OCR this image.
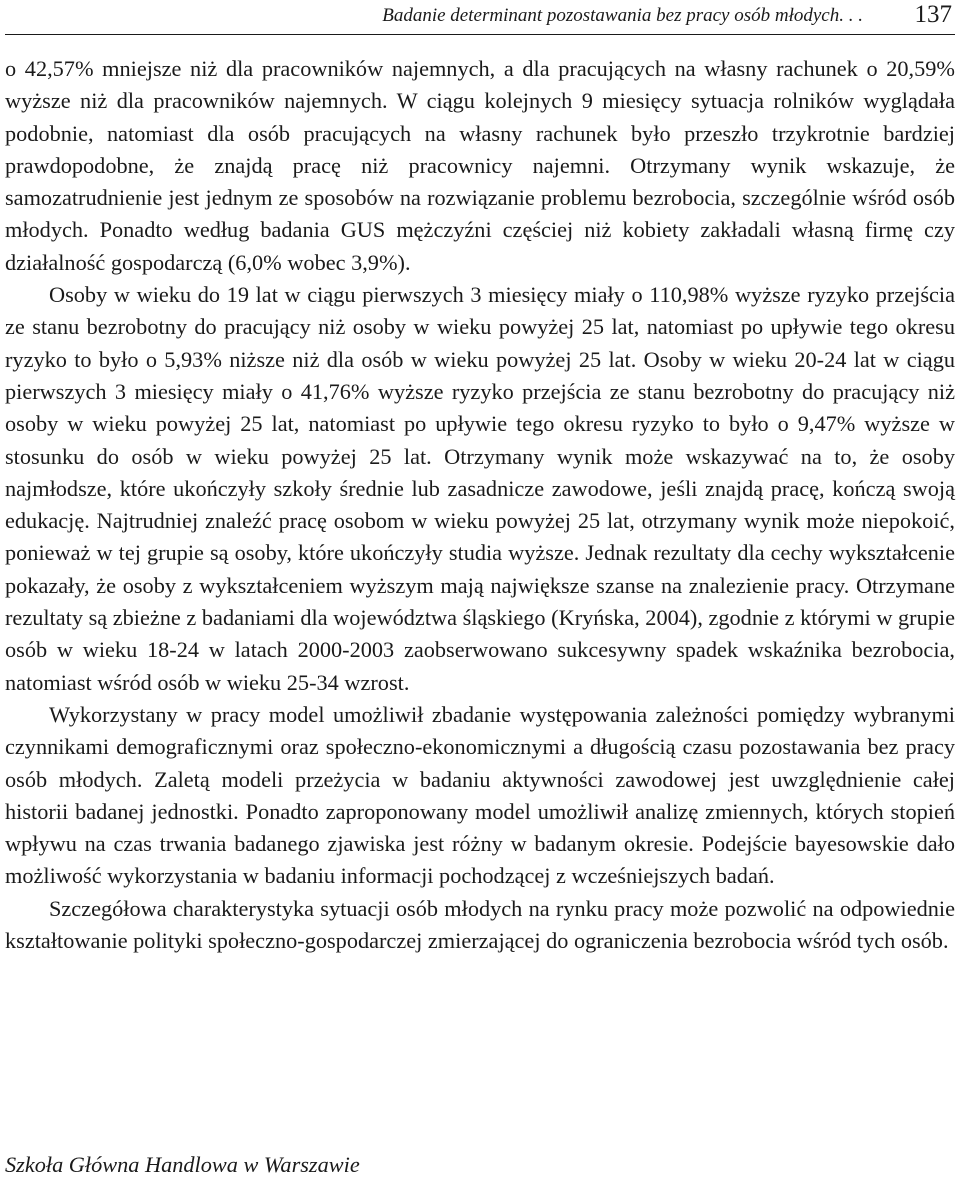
Badanie determinant pozostawania bez pracy osób młodych. . . 137

o 42,57% mniejsze niż dla pracowników najemnych, a dla pracujących na własny rachunek o 20,59% wyższe niż dla pracowników najemnych. W ciągu kolejnych 9 miesięcy sytuacja rolników wyglądała podobnie, natomiast dla osób pracujących na własny rachunek było przeszło trzykrotnie bardziej prawdopodobne, że znajdą pracę niż pracownicy najemni. Otrzymany wynik wskazuje, że samozatrudnienie jest jednym ze sposobów na rozwiązanie problemu bezrobocia, szczególnie wśród osób młodych. Ponadto według badania GUS mężczyźni częściej niż kobiety zakładali własną firmę czy działalność gospodarczą (6,0% wobec 3,9%).

Osoby w wieku do 19 lat w ciągu pierwszych 3 miesięcy miały o 110,98% wyższe ryzyko przejścia ze stanu bezrobotny do pracujący niż osoby w wieku powyżej 25 lat, natomiast po upływie tego okresu ryzyko to było o 5,93% niższe niż dla osób w wieku powyżej 25 lat. Osoby w wieku 20-24 lat w ciągu pierwszych 3 miesięcy miały o 41,76% wyższe ryzyko przejścia ze stanu bezrobotny do pracujący niż osoby w wieku powyżej 25 lat, natomiast po upływie tego okresu ryzyko to było o 9,47% wyższe w stosunku do osób w wieku powyżej 25 lat. Otrzymany wynik może wskazywać na to, że osoby najmłodsze, które ukończyły szkoły średnie lub zasadnicze zawodowe, jeśli znajdą pracę, kończą swoją edukację. Najtrudniej znaleźć pracę osobom w wieku powyżej 25 lat, otrzymany wynik może niepokoić, ponieważ w tej grupie są osoby, które ukończyły studia wyższe. Jednak rezultaty dla cechy wykształcenie pokazały, że osoby z wykształceniem wyższym mają największe szanse na znalezienie pracy. Otrzymane rezultaty są zbieżne z badaniami dla województwa śląskiego (Kryńska, 2004), zgodnie z którymi w grupie osób w wieku 18-24 w latach 2000-2003 zaobserwowano sukcesywny spadek wskaźnika bezrobocia, natomiast wśród osób w wieku 25-34 wzrost.

Wykorzystany w pracy model umożliwił zbadanie występowania zależności pomiędzy wybranymi czynnikami demograficznymi oraz społeczno-ekonomicznymi a długością czasu pozostawania bez pracy osób młodych. Zaletą modeli przeżycia w badaniu aktywności zawodowej jest uwzględnienie całej historii badanej jednostki. Ponadto zaproponowany model umożliwił analizę zmiennych, których stopień wpływu na czas trwania badanego zjawiska jest różny w badanym okresie. Podejście bayesowskie dało możliwość wykorzystania w badaniu informacji pochodzącej z wcześniejszych badań.

Szczegółowa charakterystyka sytuacji osób młodych na rynku pracy może pozwolić na odpowiednie kształtowanie polityki społeczno-gospodarczej zmierzającej do ograniczenia bezrobocia wśród tych osób.

Szkoła Główna Handlowa w Warszawie
